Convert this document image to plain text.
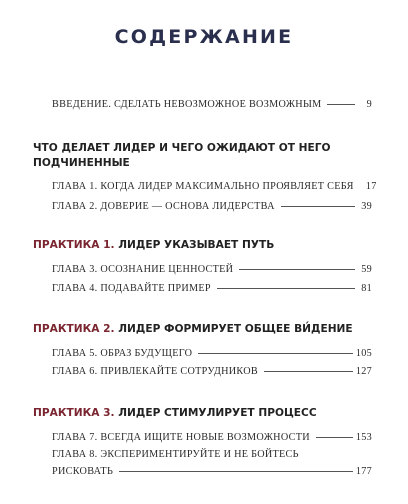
СОДЕРЖАНИЕ
ВВЕДЕНИЕ. СДЕЛАТЬ НЕВОЗМОЖНОЕ ВОЗМОЖНЫМ	9
ЧТО ДЕЛАЕТ ЛИДЕР И ЧЕГО ОЖИДАЮТ ОТ НЕГО ПОДЧИНЕННЫЕ
ГЛАВА 1. КОГДА ЛИДЕР МАКСИМАЛЬНО ПРОЯВЛЯЕТ СЕБЯ	17
ГЛАВА 2. ДОВЕРИЕ — ОСНОВА ЛИДЕРСТВА	39
ПРАКТИКА 1. ЛИДЕР УКАЗЫВАЕТ ПУТЬ
ГЛАВА 3. ОСОЗНАНИЕ ЦЕННОСТЕЙ	59
ГЛАВА 4. ПОДАВАЙТЕ ПРИМЕР	81
ПРАКТИКА 2. ЛИДЕР ФОРМИРУЕТ ОБЩЕЕ ВИ́ДЕНИЕ
ГЛАВА 5. ОБРАЗ БУДУЩЕГО	105
ГЛАВА 6. ПРИВЛЕКАЙТЕ СОТРУДНИКОВ	127
ПРАКТИКА 3. ЛИДЕР СТИМУЛИРУЕТ ПРОЦЕСС
ГЛАВА 7. ВСЕГДА ИЩИТЕ НОВЫЕ ВОЗМОЖНОСТИ	153
ГЛАВА 8. ЭКСПЕРИМЕНТИРУЙТЕ И НЕ БОЙТЕСЬ
РИСКОВАТЬ	177
